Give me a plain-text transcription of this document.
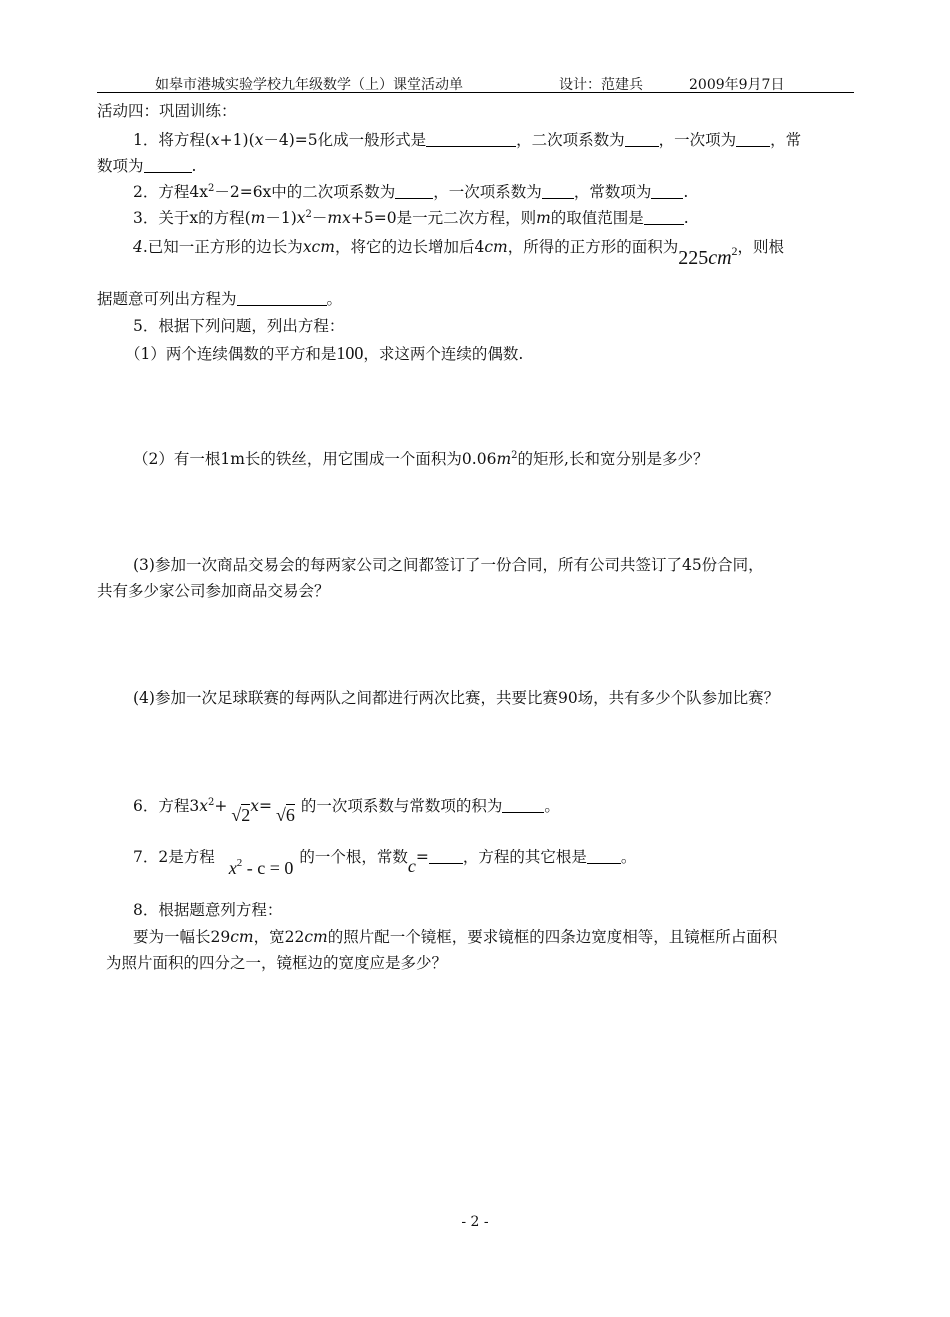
如皋市港城实验学校九年级数学（上）课堂活动单	设计：范建兵	2009年9月7日
活动四：巩固训练：
1．将方程(x+1)(x－4)=5化成一般形式是	，二次项系数为 ，一次项为 ，常
数项为	.
2．方程$4x^2-2=6x$中的二次项系数为 ，一次项系数为 ，常数项为 .
3．关于x的方程$(m-1)x^2-mx+5=0$是一元二次方程，则m的取值范围是	.
4.已知一正方形的边长为xcm，将它的边长增加后4cm，所得的正方形的面积为$225cm^2$，则根
据题意可列出方程为	。
5．根据下列问题，列出方程：
（1）两个连续偶数的平方和是100，求这两个连续的偶数.
（2）有一根1m长的铁丝，用它围成一个面积为$0.06m^2$的矩形,长和宽分别是多少？
(3)参加一次商品交易会的每两家公司之间都签订了一份合同，所有公司共签订了45份合同，
共有多少家公司参加商品交易会？
(4)参加一次足球联赛的每两队之间都进行两次比赛，共要比赛90场，共有多少个队参加比赛？
6．方程$3x^2+ √2x= √6$ 的一次项系数与常数项的积为	。
7．2是方程$x^2 - c = 0$的一个根，常数c= ，方程的其它根是 。
8．根据题意列方程：
要为一幅长29cm，宽22cm的照片配一个镜框，要求镜框的四条边宽度相等，且镜框所占面积
为照片面积的四分之一，镜框边的宽度应是多少？
- 2 -
